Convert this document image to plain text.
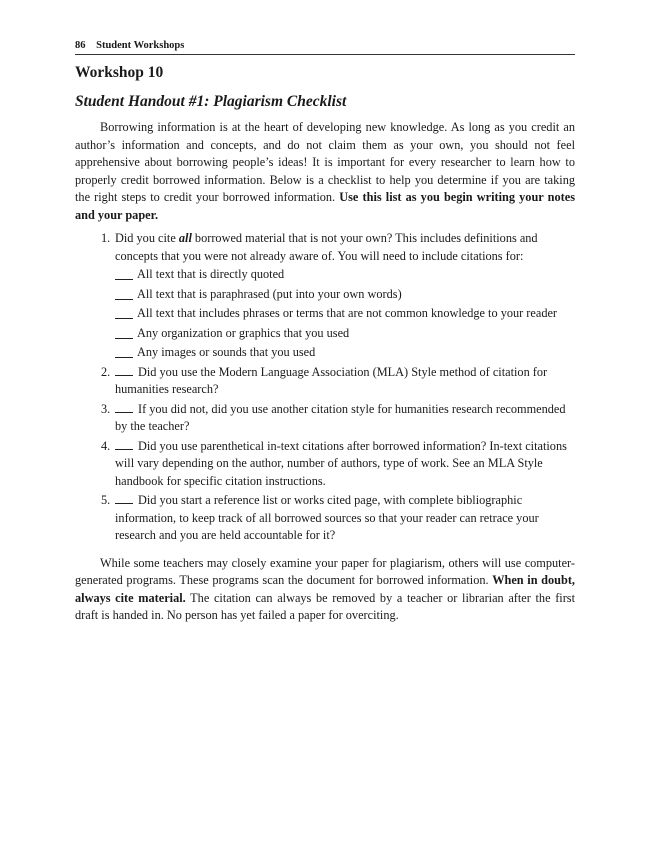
86 Student Workshops
Workshop 10
Student Handout #1: Plagiarism Checklist

Borrowing information is at the heart of developing new knowledge. As long as you credit an author’s information and concepts, and do not claim them as your own, you should not feel apprehensive about borrowing people’s ideas! It is important for every researcher to learn how to properly credit borrowed information. Below is a checklist to help you determine if you are taking the right steps to credit your borrowed information. Use this list as you begin writing your notes and your paper.

1. Did you cite all borrowed material that is not your own? This includes definitions and concepts that you were not already aware of. You will need to include citations for:
All text that is directly quoted
All text that is paraphrased (put into your own words)
All text that includes phrases or terms that are not common knowledge to your reader
Any organization or graphics that you used
Any images or sounds that you used
2.	Did you use the Modern Language Association (MLA) Style method of citation for humanities research?
3.	If you did not, did you use another citation style for humanities research recommended by the teacher?
4.	Did you use parenthetical in-text citations after borrowed information? In-text citations will vary depending on the author, number of authors, type of work. See an MLA Style handbook for specific citation instructions.
5.	Did you start a reference list or works cited page, with complete bibliographic information, to keep track of all borrowed sources so that your reader can retrace your research and you are held accountable for it?

While some teachers may closely examine your paper for plagiarism, others will use computer-generated programs. These programs scan the document for borrowed information. When in doubt, always cite material. The citation can always be removed by a teacher or librarian after the first draft is handed in. No person has yet failed a paper for overciting.
